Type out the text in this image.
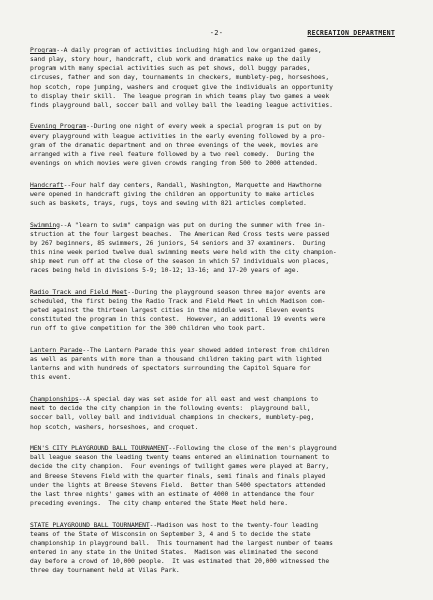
-2-	RECREATION DEPARTMENT

Program--A daily program of activities including high and low organized games,
sand play, story hour, handcraft, club work and dramatics make up the daily
program with many special activities such as pet shows, doll buggy parades,
circuses, father and son day, tournaments in checkers, mumblety-peg, horseshoes,
hop scotch, rope jumping, washers and croquet give the individuals an opportunity
to display their skill.  The league program in which teams play two games a week
finds playground ball, soccer ball and volley ball the leading league activities.

Evening Program--During one night of every week a special program is put on by
every playground with league activities in the early evening followed by a pro-
gram of the dramatic department and on three evenings of the week, movies are
arranged with a five reel feature followed by a two reel comedy.  During the
evenings on which movies were given crowds ranging from 500 to 2000 attended.

Handcraft--Four half day centers, Randall, Washington, Marquette and Hawthorne
were opened in handcraft giving the children an opportunity to make articles
such as baskets, trays, rugs, toys and sewing with 821 articles completed.

Swimming--A "learn to swim" campaign was put on during the summer with free in-
struction at the four largest beaches.  The American Red Cross tests were passed
by 267 beginners, 85 swimmers, 26 juniors, 54 seniors and 37 examiners.  During
this nine week period twelve dual swimming meets were held with the city champion-
ship meet run off at the close of the season in which 57 individuals won places,
races being held in divisions 5-9; 10-12; 13-16; and 17-20 years of age.

Radio Track and Field Meet--During the playground season three major events are
scheduled, the first being the Radio Track and Field Meet in which Madison com-
peted against the thirteen largest cities in the middle west.  Eleven events
constituted the program in this contest.  However, an additional 19 events were
run off to give competition for the 300 children who took part.

Lantern Parade--The Lantern Parade this year showed added interest from children
as well as parents with more than a thousand children taking part with lighted
lanterns and with hundreds of spectators surrounding the Capitol Square for
this event.

Championships--A special day was set aside for all east and west champions to
meet to decide the city champion in the following events:  playground ball,
soccer ball, volley ball and individual champions in checkers, mumblety-peg,
hop scotch, washers, horseshoes, and croquet.

MEN'S CITY PLAYGROUND BALL TOURNAMENT--Following the close of the men's playground
ball league season the leading twenty teams entered an elimination tournament to
decide the city champion.  Four evenings of twilight games were played at Barry,
and Breese Stevens Field with the quarter finals, semi finals and finals played
under the lights at Breese Stevens Field.  Better than 5400 spectators attended
the last three nights' games with an estimate of 4000 in attendance the four
preceding evenings.  The city champ entered the State Meet held here.

STATE PLAYGROUND BALL TOURNAMENT--Madison was host to the twenty-four leading
teams of the State of Wisconsin on September 3, 4 and 5 to decide the state
championship in playground ball.  This tournament had the largest number of teams
entered in any state in the United States.  Madison was eliminated the second
day before a crowd of 10,000 people.  It was estimated that 20,000 witnessed the
three day tournament held at Vilas Park.
